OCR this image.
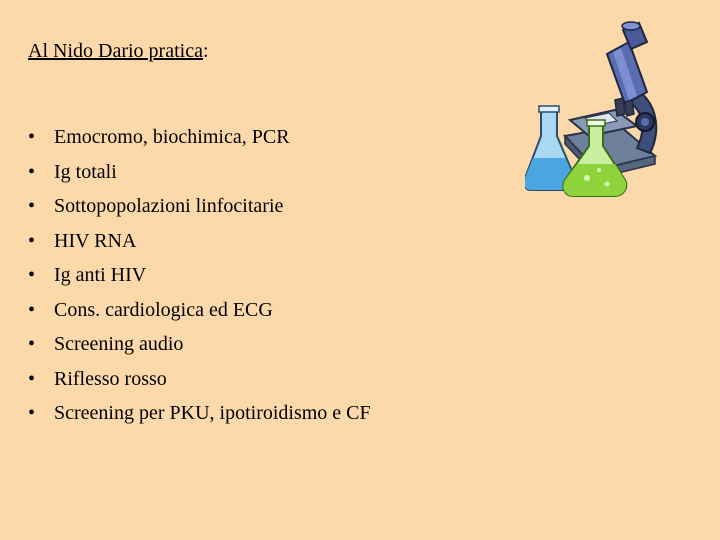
Al Nido Dario pratica:
• Emocromo, biochimica, PCR
• Ig totali
• Sottopopolazioni linfocitarie
• HIV RNA
• Ig anti HIV
• Cons. cardiologica ed ECG
• Screening audio
• Riflesso rosso
• Screening per PKU, ipotiroidismo e CF
